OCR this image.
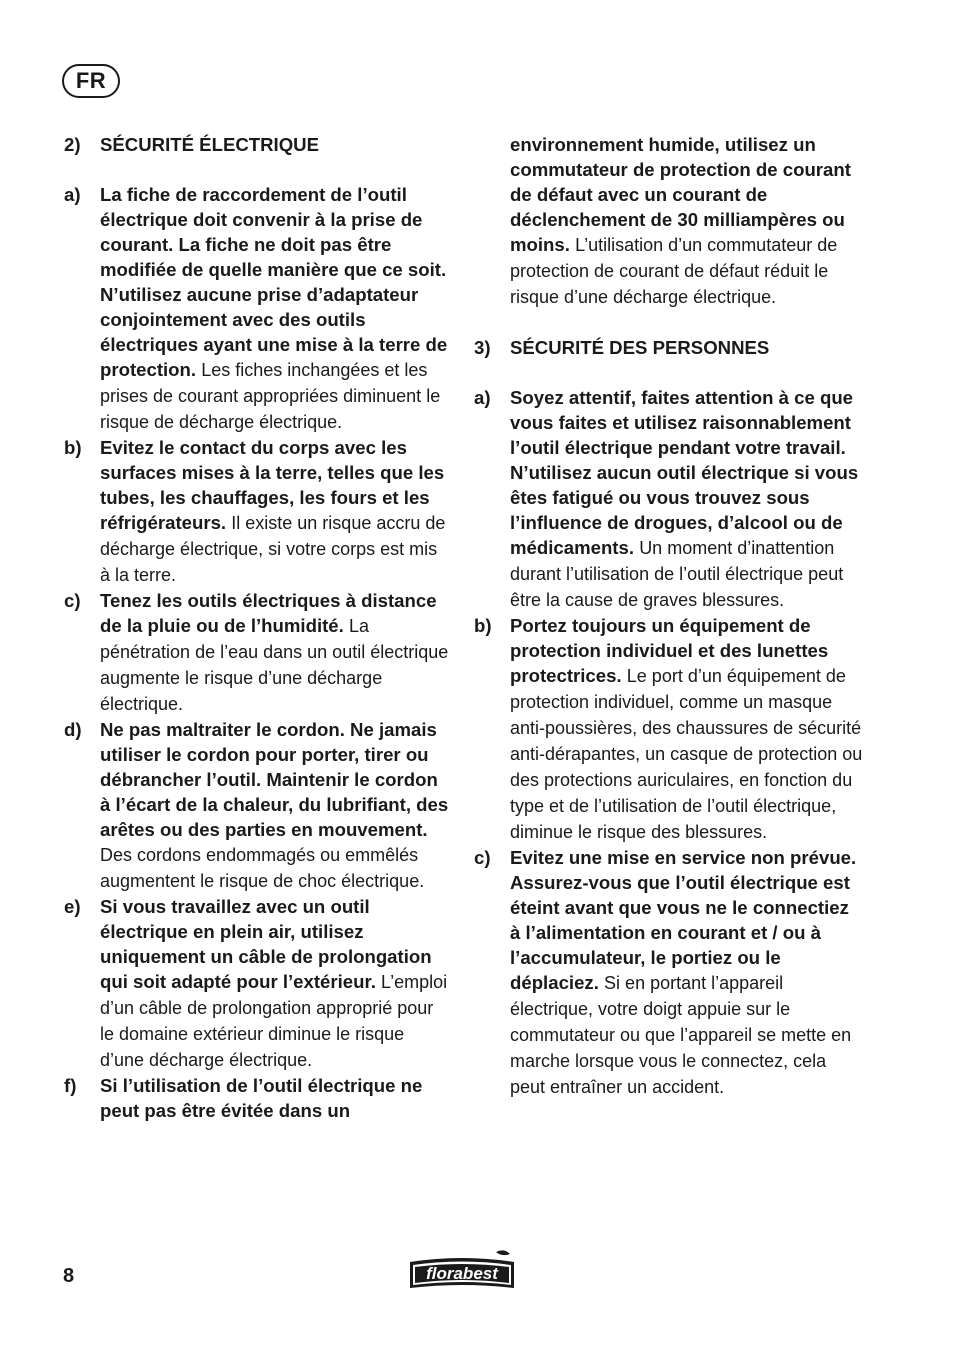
FR
2)	SÉCURITÉ ÉLECTRIQUE
a)	La fiche de raccordement de l’outil électrique doit convenir à la prise de courant. La fiche ne doit pas être modifiée de quelle manière que ce soit. N’utilisez aucune prise d’adaptateur conjointement avec des outils électriques ayant une mise à la terre de protection. Les fiches inchangées et les prises de courant appropriées diminuent le risque de décharge électrique.
b) Evitez le contact du corps avec les surfaces mises à la terre, telles que les tubes, les chauffages, les fours et les réfrigérateurs. Il existe un risque accru de décharge électrique, si votre corps est mis à la terre.
c)	Tenez les outils électriques à distance de la pluie ou de l’humidité. La pénétration de l’eau dans un outil électrique augmente le risque d’une décharge électrique.
d) Ne pas maltraiter le cordon. Ne jamais utiliser le cordon pour porter, tirer ou débrancher l’outil. Maintenir le cordon à l’écart de la chaleur, du lubrifiant, des arêtes ou des parties en mouvement. Des cordons endommagés ou emmêlés augmentent le risque de choc électrique.
e)	Si vous travaillez avec un outil électrique en plein air, utilisez uniquement un câble de prolongation qui soit adapté pour l’extérieur. L’emploi d’un câble de prolongation approprié pour le domaine extérieur diminue le risque d’une décharge électrique.
f)	Si l’utilisation de l’outil électrique ne peut pas être évitée dans un
environnement humide, utilisez un commutateur de protection de courant de défaut avec un courant de déclenchement de 30 milliampères ou moins. L’utilisation d’un commutateur de protection de courant de défaut réduit le risque d’une décharge électrique.
3)	SÉCURITÉ DES PERSONNES
a)	Soyez attentif, faites attention à ce que vous faites et utilisez raisonnablement l’outil électrique pendant votre travail. N’utilisez aucun outil électrique si vous êtes fatigué ou vous trouvez sous l’influence de drogues, d’alcool ou de médicaments. Un moment d’inattention durant l’utilisation de l’outil électrique peut être la cause de graves blessures.
b) Portez toujours un équipement de protection individuel et des lunettes protectrices. Le port d’un équipement de protection individuel, comme un masque anti-poussières, des chaussures de sécurité anti-dérapantes, un casque de protection ou des protections auriculaires, en fonction du type et de l’utilisation de l’outil électrique, diminue le risque des blessures.
c)	Evitez une mise en service non prévue. Assurez-vous que l’outil électrique est éteint avant que vous ne le connectiez à l’alimentation en courant et / ou à l’accumulateur, le portiez ou le déplaciez. Si en portant l’appareil électrique, votre doigt appuie sur le commutateur ou que l’appareil se mette en marche lorsque vous le connectez, cela peut entraîner un accident.
8	florabest
